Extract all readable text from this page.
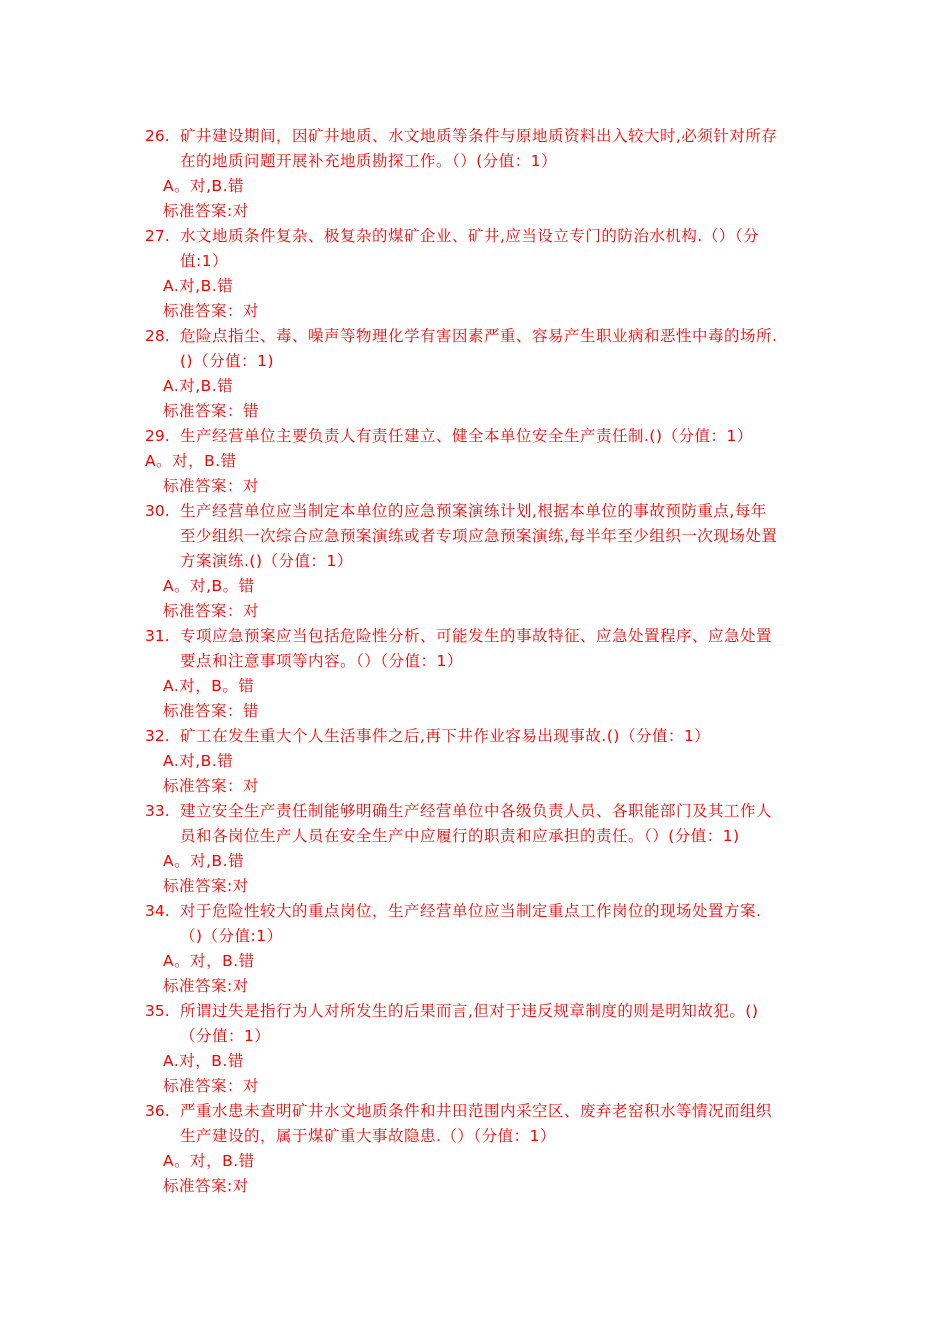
26. 矿井建设期间，因矿井地质、水文地质等条件与原地质资料出入较大时,必须针对所存
在的地质问题开展补充地质勘探工作。（）(分值：1）
A。对,B.错
标准答案:对
27. 水文地质条件复杂、极复杂的煤矿企业、矿井,应当设立专门的防治水机构.（）（分
值:1）
A.对,B.错
标准答案：对
28. 危险点指尘、毒、噪声等物理化学有害因素严重、容易产生职业病和恶性中毒的场所.
()（分值：1)
A.对,B.错
标准答案：错
29. 生产经营单位主要负责人有责任建立、健全本单位安全生产责任制.()（分值：1）
A。对，B.错
标准答案：对
30. 生产经营单位应当制定本单位的应急预案演练计划,根据本单位的事故预防重点,每年
至少组织一次综合应急预案演练或者专项应急预案演练,每半年至少组织一次现场处置
方案演练.()（分值：1）
A。对,B。错
标准答案：对
31. 专项应急预案应当包括危险性分析、可能发生的事故特征、应急处置程序、应急处置
要点和注意事项等内容。（）（分值：1）
A.对，B。错
标准答案：错
32. 矿工在发生重大个人生活事件之后,再下井作业容易出现事故.()（分值：1）
A.对,B.错
标准答案：对
33. 建立安全生产责任制能够明确生产经营单位中各级负责人员、各职能部门及其工作人
员和各岗位生产人员在安全生产中应履行的职责和应承担的责任。（）(分值：1)
A。对,B.错
标准答案:对
34. 对于危险性较大的重点岗位，生产经营单位应当制定重点工作岗位的现场处置方案.
（)（分值:1）
A。对，B.错
标准答案:对
35. 所谓过失是指行为人对所发生的后果而言,但对于违反规章制度的则是明知故犯。()
（分值：1）
A.对，B.错
标准答案：对
36. 严重水患未查明矿井水文地质条件和井田范围内采空区、废弃老窑积水等情况而组织
生产建设的，属于煤矿重大事故隐患.（）（分值：1）
A。对，B.错
标准答案:对
